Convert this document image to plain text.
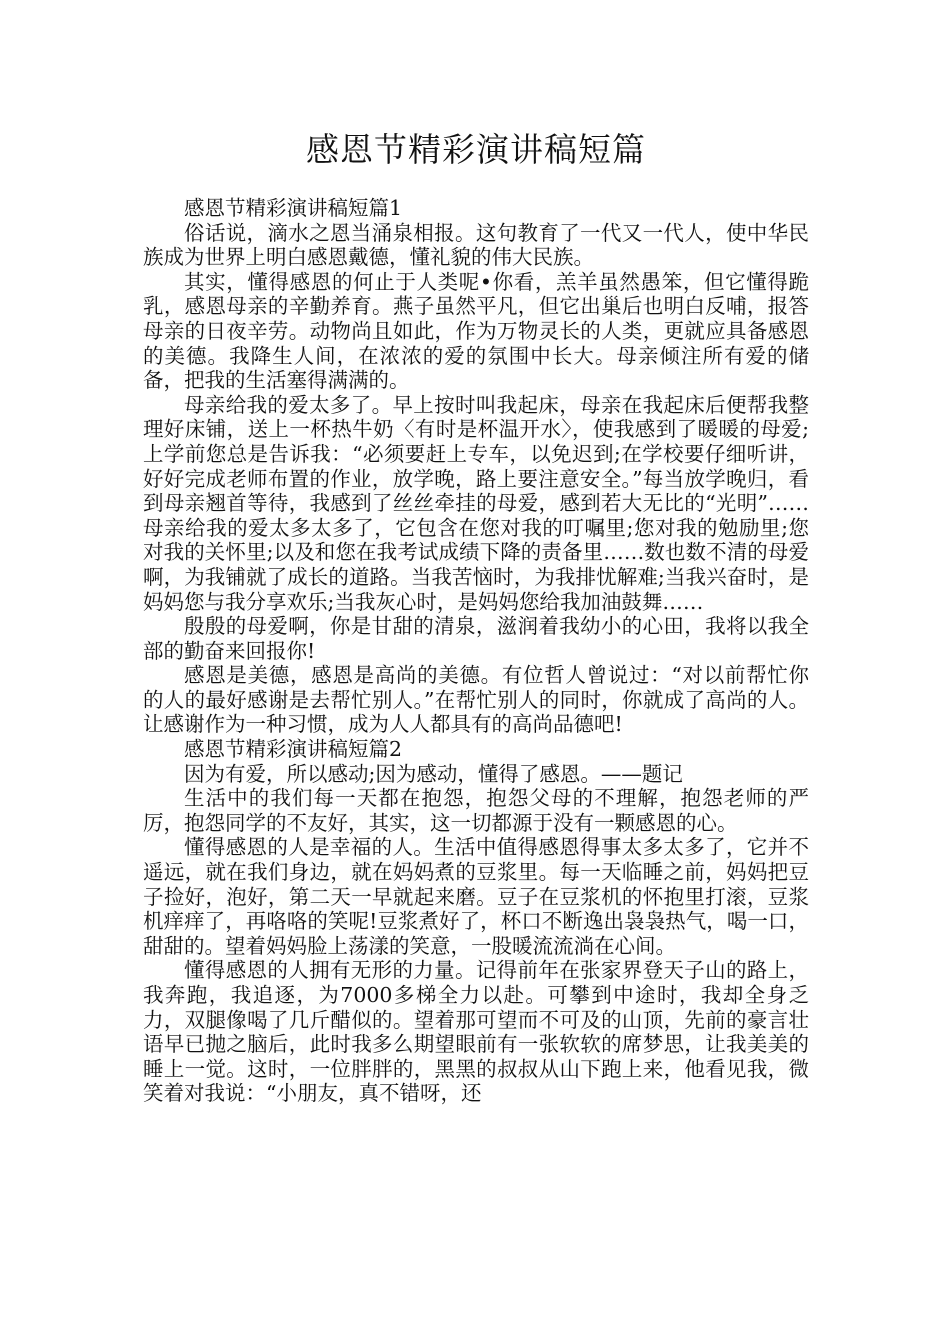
感恩节精彩演讲稿短篇

感恩节精彩演讲稿短篇1

俗话说，滴水之恩当涌泉相报。这句教育了一代又一代人，使中华民族成为世界上明白感恩戴德，懂礼貌的伟大民族。

其实，懂得感恩的何止于人类呢•你看，羔羊虽然愚笨，但它懂得跪乳，感恩母亲的辛勤养育。燕子虽然平凡，但它出巢后也明白反哺，报答母亲的日夜辛劳。动物尚且如此，作为万物灵长的人类，更就应具备感恩的美德。我降生人间，在浓浓的爱的氛围中长大。母亲倾注所有爱的储备，把我的生活塞得满满的。

母亲给我的爱太多了。早上按时叫我起床，母亲在我起床后便帮我整理好床铺，送上一杯热牛奶〈有时是杯温开水〉，使我感到了暖暖的母爱;上学前您总是告诉我：“必须要赶上专车，以免迟到;在学校要仔细听讲，好好完成老师布置的作业，放学晚，路上要注意安全。”每当放学晚归，看到母亲翘首等待，我感到了丝丝牵挂的母爱，感到若大无比的“光明”……母亲给我的爱太多太多了，它包含在您对我的叮嘱里;您对我的勉励里;您对我的关怀里;以及和您在我考试成绩下降的责备里……数也数不清的母爱啊，为我铺就了成长的道路。当我苦恼时，为我排忧解难;当我兴奋时，是妈妈您与我分享欢乐;当我灰心时，是妈妈您给我加油鼓舞……

殷殷的母爱啊，你是甘甜的清泉，滋润着我幼小的心田，我将以我全部的勤奋来回报你!

感恩是美德，感恩是高尚的美德。有位哲人曾说过：“对以前帮忙你的人的最好感谢是去帮忙别人。”在帮忙别人的同时，你就成了高尚的人。让感谢作为一种习惯，成为人人都具有的高尚品德吧!

感恩节精彩演讲稿短篇2

因为有爱，所以感动;因为感动，懂得了感恩。——题记

生活中的我们每一天都在抱怨，抱怨父母的不理解，抱怨老师的严厉，抱怨同学的不友好，其实，这一切都源于没有一颗感恩的心。

懂得感恩的人是幸福的人。生活中值得感恩得事太多太多了，它并不遥远，就在我们身边，就在妈妈煮的豆浆里。每一天临睡之前，妈妈把豆子捡好，泡好，第二天一早就起来磨。豆子在豆浆机的怀抱里打滚，豆浆机痒痒了，再咯咯的笑呢!豆浆煮好了，杯口不断逸出袅袅热气，喝一口，甜甜的。望着妈妈脸上荡漾的笑意，一股暖流流淌在心间。

懂得感恩的人拥有无形的力量。记得前年在张家界登天子山的路上，我奔跑，我追逐，为7000多梯全力以赴。可攀到中途时，我却全身乏力，双腿像喝了几斤醋似的。望着那可望而不可及的山顶，先前的豪言壮语早已抛之脑后，此时我多么期望眼前有一张软软的席梦思，让我美美的睡上一觉。这时，一位胖胖的，黑黑的叔叔从山下跑上来，他看见我，微笑着对我说：“小朋友，真不错呀，还
